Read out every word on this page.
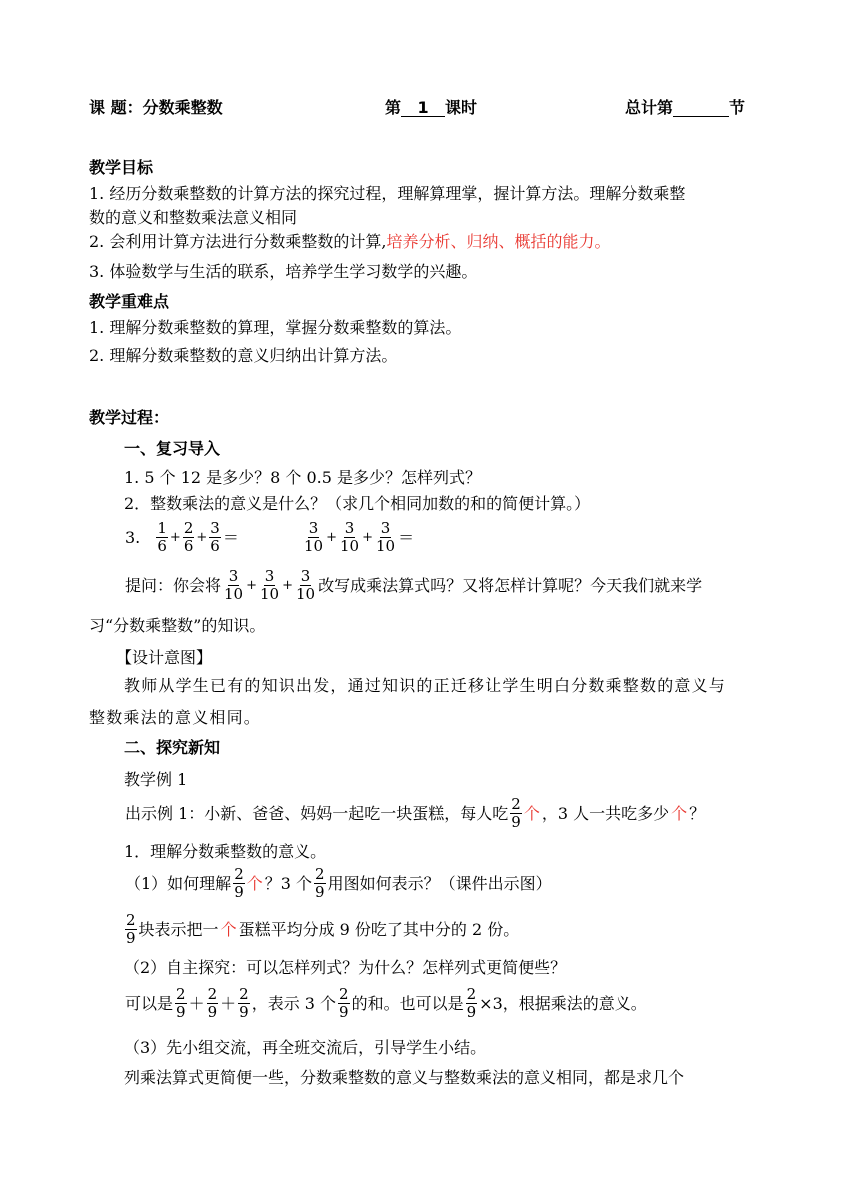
课 题：分数乘整数	第 1 课时	总计第	节
教学目标
1. 经历分数乘整数的计算方法的探究过程，理解算理掌，握计算方法。理解分数乘整
数的意义和整数乘法意义相同
2. 会利用计算方法进行分数乘整数的计算,培养分析、归纳、概括的能力。
3. 体验数学与生活的联系，培养学生学习数学的兴趣。
教学重难点
1. 理解分数乘整数的算理，掌握分数乘整数的算法。
2. 理解分数乘整数的意义归纳出计算方法。
教学过程：
一、复习导入
1. 5 个 12 是多少？8 个 0.5 是多少？怎样列式？
2．整数乘法的意义是什么？（求几个相同加数的和的简便计算。）
3. $\frac{1}{6} + \frac{2}{6} + \frac{3}{6}$ ＝	$\frac{3}{10} + \frac{3}{10} + \frac{3}{10}$ ＝
提问：你会将 $\frac{3}{10} + \frac{3}{10} + \frac{3}{10}$ 改写成乘法算式吗？又将怎样计算呢？今天我们就来学
习“分数乘整数”的知识。
【设计意图】
教师从学生已有的知识出发，通过知识的正迁移让学生明白分数乘整数的意义与
整数乘法的意义相同。
二、探究新知
教学例 1
出示例 1：小新、爸爸、妈妈一起吃一块蛋糕，每人吃 $\frac{2}{9}$ 个 ，3 人一共吃多少 个 ？
1．理解分数乘整数的意义。
（1）如何理解 $\frac{2}{9}$ 个 ？3 个 $\frac{2}{9}$ 用图如何表示？（课件出示图）
$\frac{2}{9}$ 块表示把一 个 蛋糕平均分成 9 份吃了其中分的 2 份。
（2）自主探究：可以怎样列式？为什么？怎样列式更简便些？
可以是 $\frac{2}{9} + \frac{2}{9} + \frac{2}{9}$ ，表示 3 个 $\frac{2}{9}$ 的和。也可以是 $\frac{2}{9} \times 3$，根据乘法的意义。
（3）先小组交流，再全班交流后，引导学生小结。
列乘法算式更简便一些，分数乘整数的意义与整数乘法的意义相同，都是求几个
